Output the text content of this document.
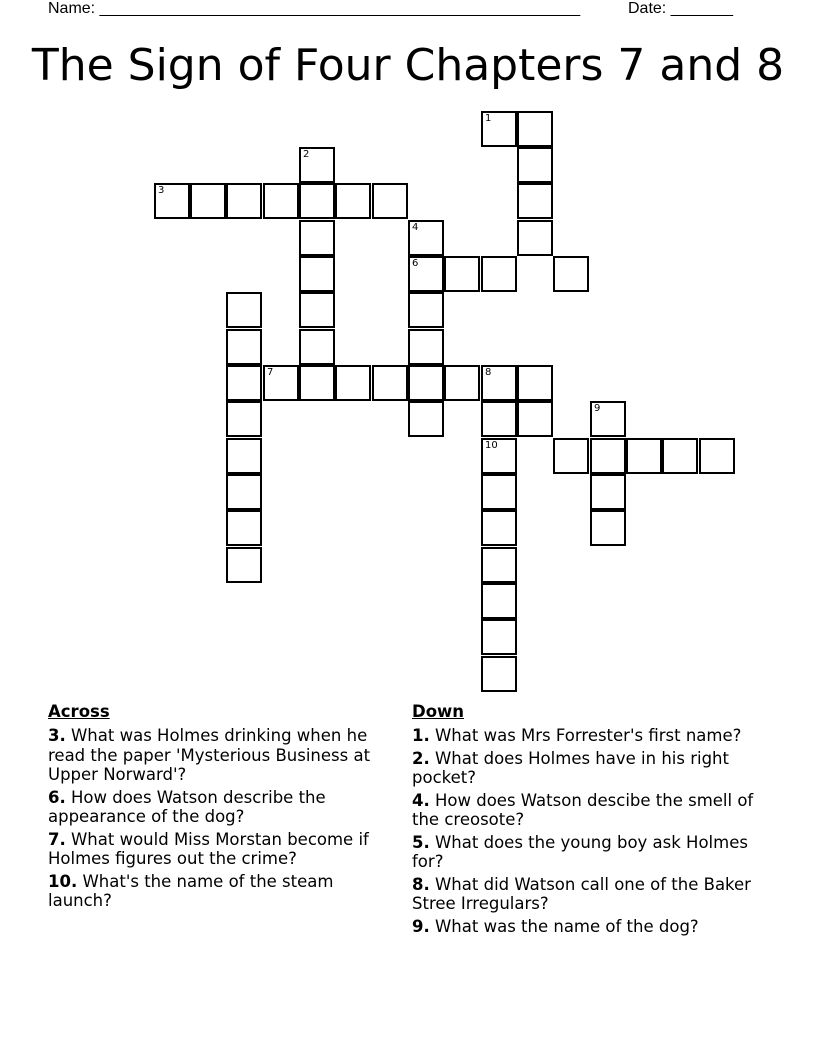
Name: ______________________________________________________	Date: _______
The Sign of Four Chapters 7 and 8
1
2
3
4
6
7	8
10
9
Across
3. What was Holmes drinking when he read the paper 'Mysterious Business at Upper Norward'?
6. How does Watson describe the appearance of the dog?
7. What would Miss Morstan become if Holmes figures out the crime?
10. What's the name of the steam launch?
Down
1. What was Mrs Forrester's first name?
2. What does Holmes have in his right pocket?
4. How does Watson descibe the smell of the creosote?
5. What does the young boy ask Holmes for?
8. What did Watson call one of the Baker Stree Irregulars?
9. What was the name of the dog?
